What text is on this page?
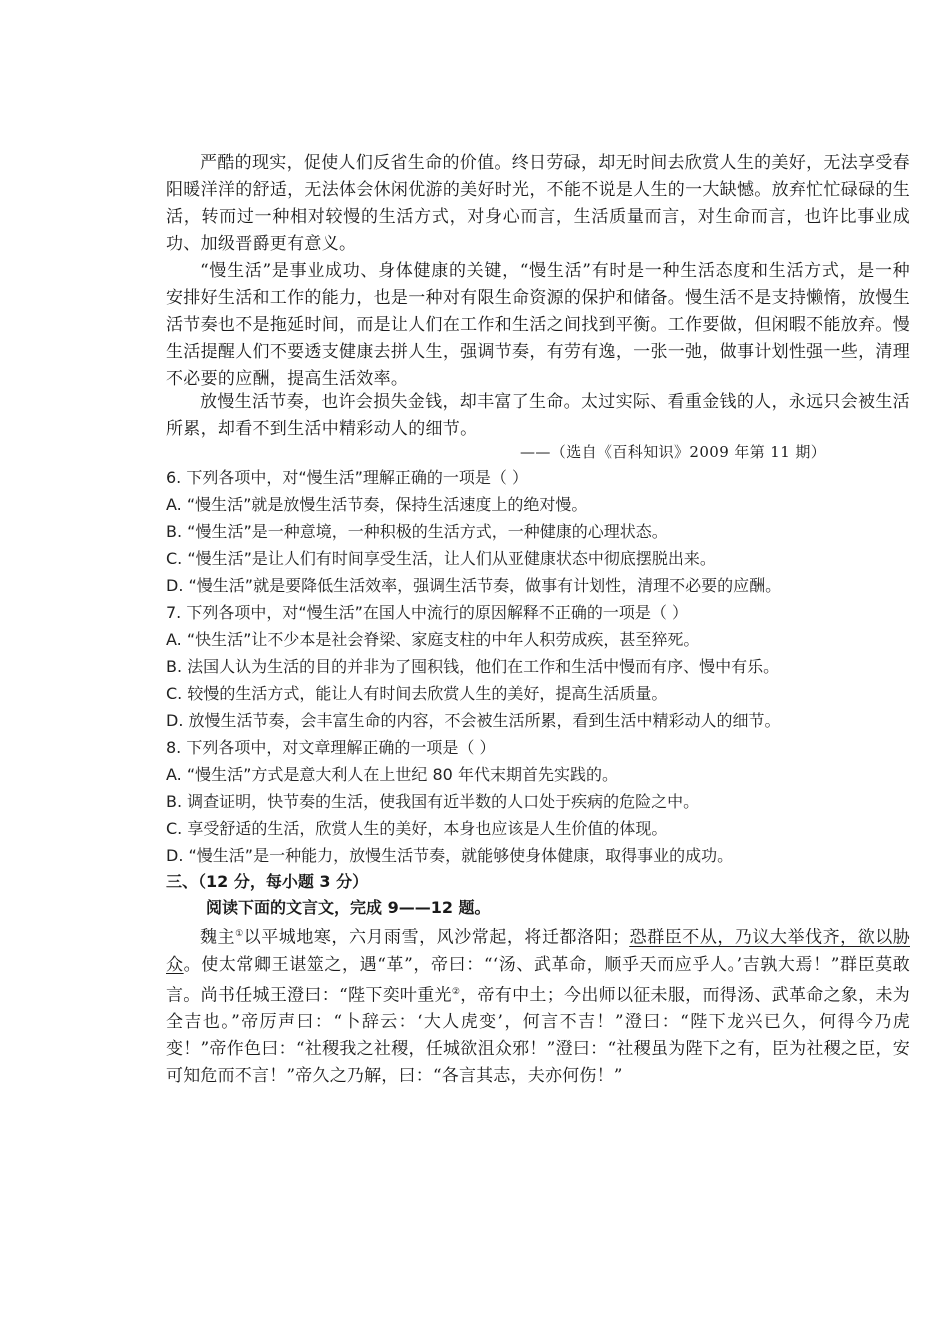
严酷的现实，促使人们反省生命的价值。终日劳碌，却无时间去欣赏人生的美好，无法享受春阳暖洋洋的舒适，无法体会休闲优游的美好时光，不能不说是人生的一大缺憾。放弃忙忙碌碌的生活，转而过一种相对较慢的生活方式，对身心而言，生活质量而言，对生命而言，也许比事业成功、加级晋爵更有意义。

“慢生活”是事业成功、身体健康的关键，“慢生活”有时是一种生活态度和生活方式，是一种安排好生活和工作的能力，也是一种对有限生命资源的保护和储备。慢生活不是支持懒惰，放慢生活节奏也不是拖延时间，而是让人们在工作和生活之间找到平衡。工作要做，但闲暇不能放弃。慢生活提醒人们不要透支健康去拼人生，强调节奏，有劳有逸，一张一弛，做事计划性强一些，清理不必要的应酬，提高生活效率。

放慢生活节奏，也许会损失金钱，却丰富了生命。太过实际、看重金钱的人，永远只会被生活所累，却看不到生活中精彩动人的细节。

——（选自《百科知识》2009 年第 11 期）

6. 下列各项中，对“慢生活”理解正确的一项是（ ）

A. “慢生活”就是放慢生活节奏，保持生活速度上的绝对慢。

B. “慢生活”是一种意境，一种积极的生活方式，一种健康的心理状态。

C. “慢生活”是让人们有时间享受生活，让人们从亚健康状态中彻底摆脱出来。

D. “慢生活”就是要降低生活效率，强调生活节奏，做事有计划性，清理不必要的应酬。

7. 下列各项中，对“慢生活”在国人中流行的原因解释不正确的一项是（ ）

A. “快生活”让不少本是社会脊梁、家庭支柱的中年人积劳成疾，甚至猝死。

B. 法国人认为生活的目的并非为了囤积钱，他们在工作和生活中慢而有序、慢中有乐。

C. 较慢的生活方式，能让人有时间去欣赏人生的美好，提高生活质量。

D. 放慢生活节奏，会丰富生命的内容，不会被生活所累，看到生活中精彩动人的细节。

8. 下列各项中，对文章理解正确的一项是（ ）

A. “慢生活”方式是意大利人在上世纪 80 年代末期首先实践的。

B. 调查证明，快节奏的生活，使我国有近半数的人口处于疾病的危险之中。

C. 享受舒适的生活，欣赏人生的美好，本身也应该是人生价值的体现。

D. “慢生活”是一种能力，放慢生活节奏，就能够使身体健康，取得事业的成功。

三、（12 分，每小题 3 分）

阅读下面的文言文，完成 9——12 题。

魏主①以平城地寒，六月雨雪，风沙常起，将迁都洛阳；恐群臣不从，乃议大举伐齐，欲以胁众。使太常卿王谌筮之，遇“革”，帝曰：“‘汤、武革命，顺乎天而应乎人。’吉孰大焉！”群臣莫敢言。尚书任城王澄曰：“陛下奕叶重光②，帝有中土；今出师以征未服，而得汤、武革命之象，未为全吉也。”帝厉声曰：“卜辞云：‘大人虎变’，何言不吉！”澄曰：“陛下龙兴已久，何得今乃虎变！”帝作色曰：“社稷我之社稷，任城欲沮众邪！”澄曰：“社稷虽为陛下之有，臣为社稷之臣，安可知危而不言！”帝久之乃解，曰：“各言其志，夫亦何伤！”
